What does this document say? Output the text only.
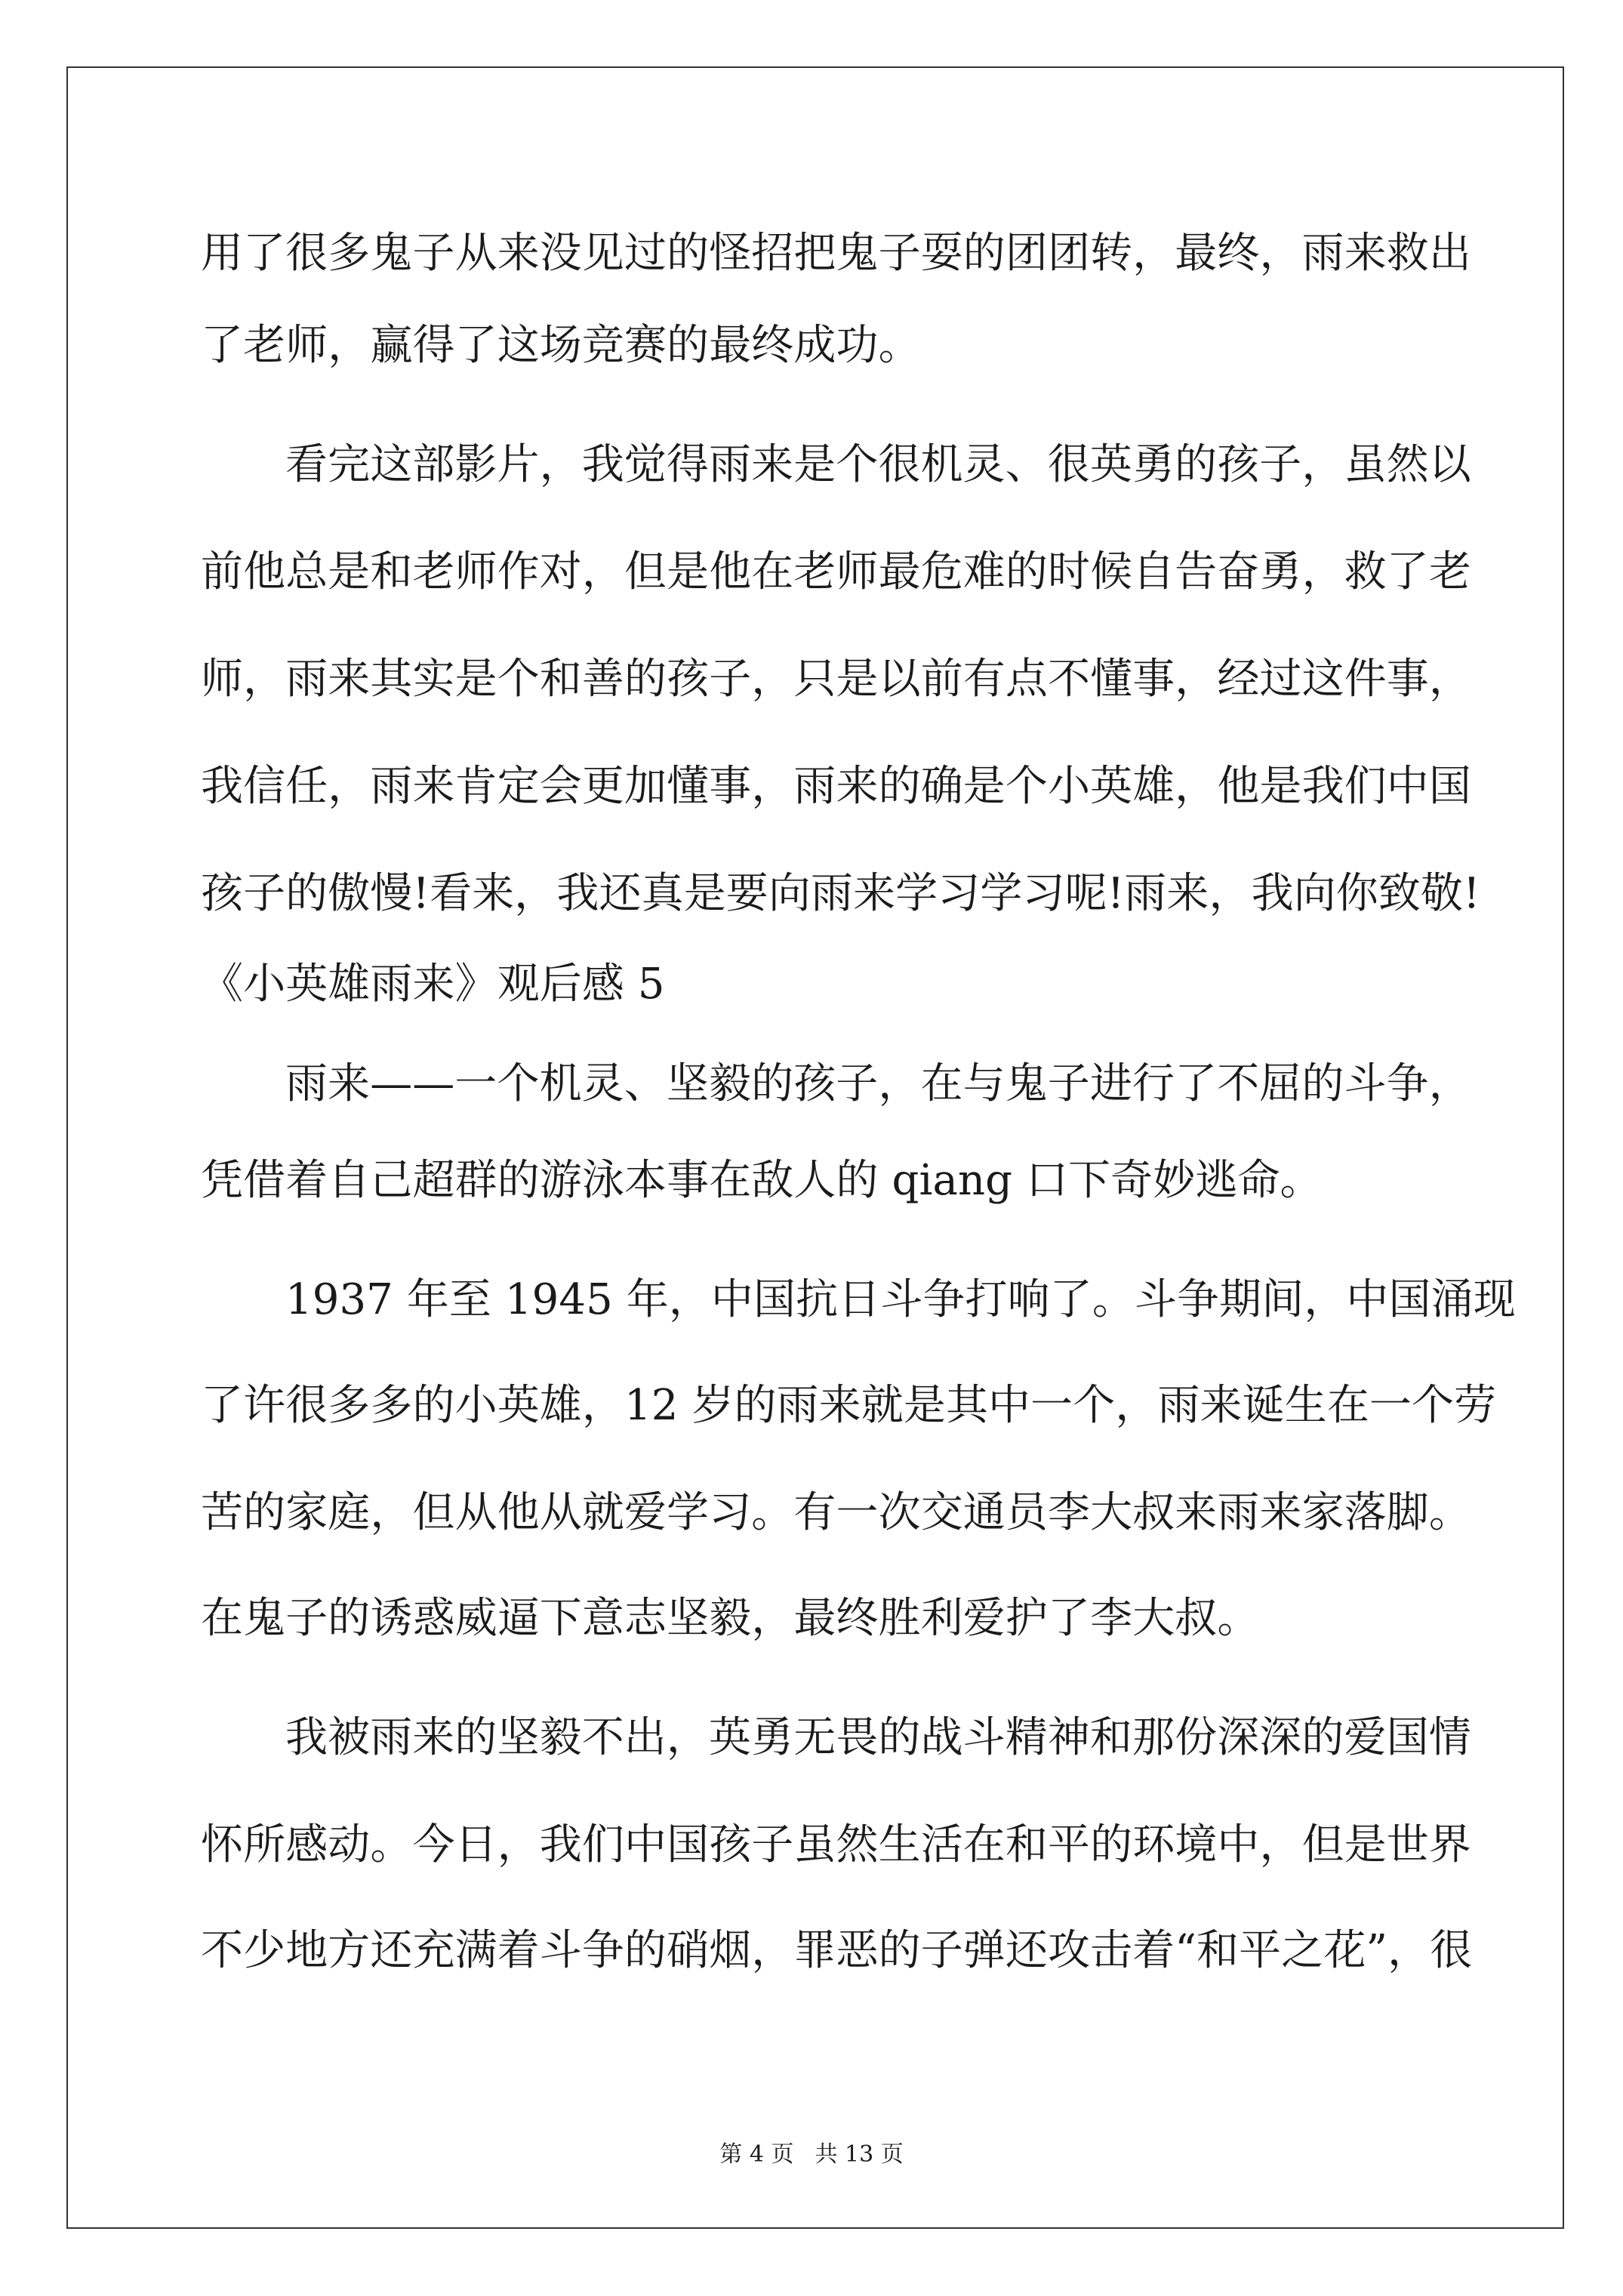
用了很多鬼子从来没见过的怪招把鬼子耍的团团转，最终，雨来救出
了老师，赢得了这场竞赛的最终成功。
看完这部影片，我觉得雨来是个很机灵、很英勇的孩子，虽然以
前他总是和老师作对，但是他在老师最危难的时候自告奋勇，救了老
师，雨来其实是个和善的孩子，只是以前有点不懂事，经过这件事，
我信任，雨来肯定会更加懂事，雨来的确是个小英雄，他是我们中国
孩子的傲慢!看来，我还真是要向雨来学习学习呢!雨来，我向你致敬!
《小英雄雨来》观后感 5
雨来——一个机灵、坚毅的孩子，在与鬼子进行了不屈的斗争，
凭借着自己超群的游泳本事在敌人的 qiang 口下奇妙逃命。
1937 年至 1945 年，中国抗日斗争打响了。斗争期间，中国涌现
了许很多多的小英雄，12 岁的雨来就是其中一个，雨来诞生在一个劳
苦的家庭，但从他从就爱学习。有一次交通员李大叔来雨来家落脚。
在鬼子的诱惑威逼下意志坚毅，最终胜利爱护了李大叔。
我被雨来的坚毅不出，英勇无畏的战斗精神和那份深深的爱国情
怀所感动。今日，我们中国孩子虽然生活在和平的环境中，但是世界
不少地方还充满着斗争的硝烟，罪恶的子弹还攻击着“和平之花”，很
第 4 页 共 13 页
